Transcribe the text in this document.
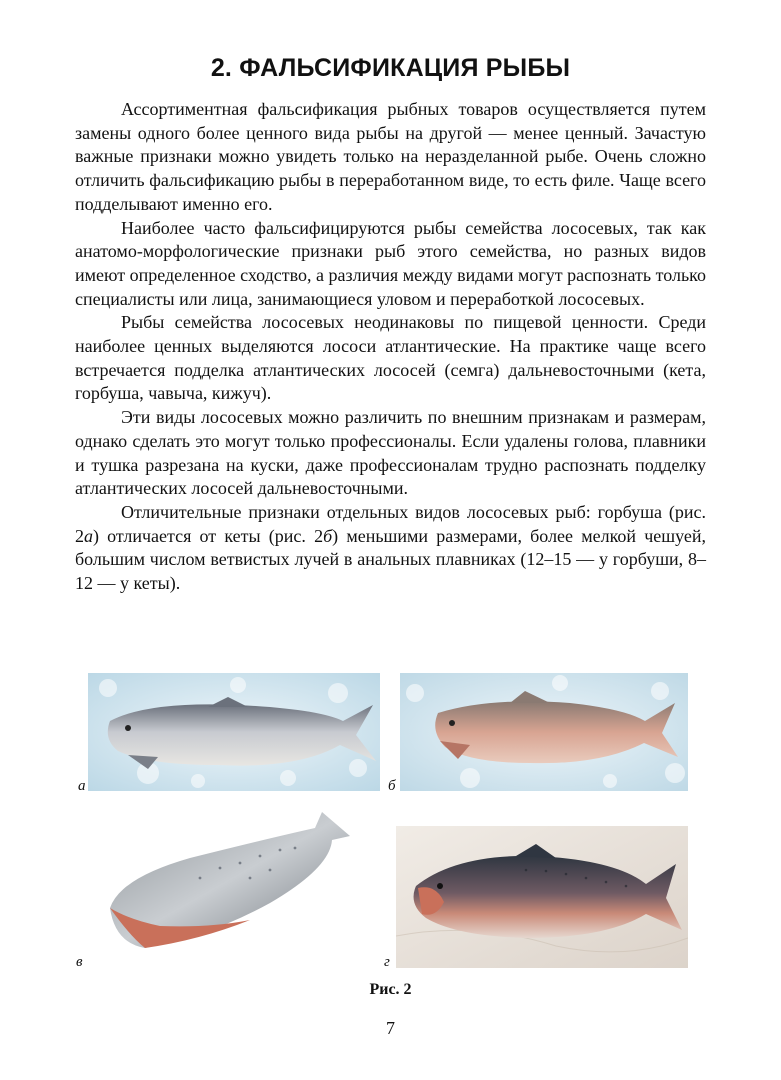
2. ФАЛЬСИФИКАЦИЯ РЫБЫ

Ассортиментная фальсификация рыбных товаров осуществляется путем замены одного более ценного вида рыбы на другой — менее ценный. Зачастую важные признаки можно увидеть только на неразделанной рыбе. Очень сложно отличить фальсификацию рыбы в переработанном виде, то есть филе. Чаще всего подделывают именно его.

Наиболее часто фальсифицируются рыбы семейства лососевых, так как анатомо-морфологические признаки рыб этого семейства, но разных видов имеют определенное сходство, а различия между видами могут распознать только специалисты или лица, занимающиеся уловом и переработкой лососевых.

Рыбы семейства лососевых неодинаковы по пищевой ценности. Среди наиболее ценных выделяются лососи атлантические. На практике чаще всего встречается подделка атлантических лососей (семга) дальневосточными (кета, горбуша, чавыча, кижуч).

Эти виды лососевых можно различить по внешним признакам и размерам, однако сделать это могут только профессионалы. Если удалены голова, плавники и тушка разрезана на куски, даже профессионалам трудно распознать подделку атлантических лососей дальневосточными.

Отличительные признаки отдельных видов лососевых рыб: горбуша (рис. 2а) отличается от кеты (рис. 2б) меньшими размерами, более мелкой чешуей, большим числом ветвистых лучей в анальных плавниках (12–15 — у горбуши, 8–12 — у кеты).

а	б
в	г
Рис. 2
7
